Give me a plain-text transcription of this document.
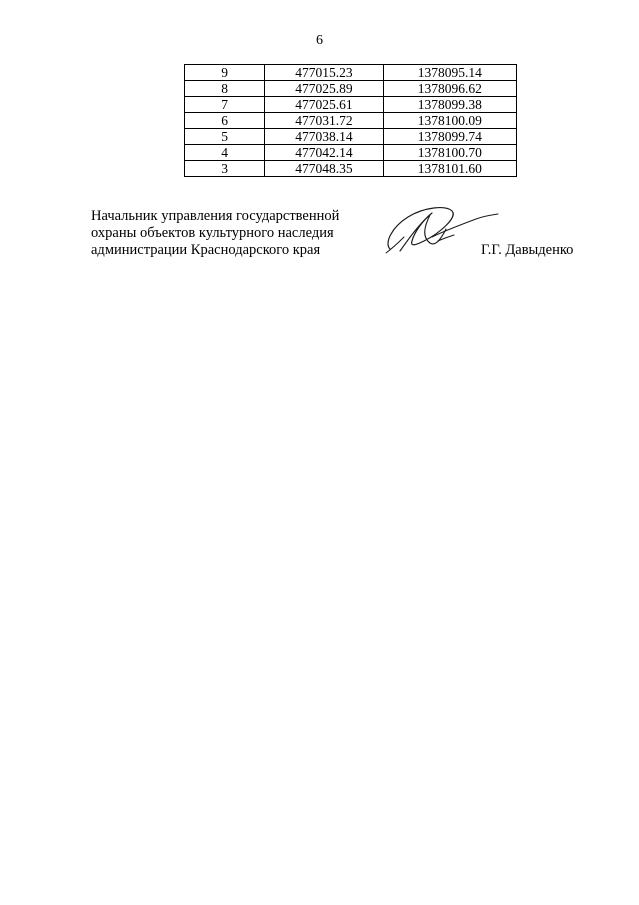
6
9	477015.23	1378095.14
8	477025.89	1378096.62
7	477025.61	1378099.38
6	477031.72	1378100.09
5	477038.14	1378099.74
4	477042.14	1378100.70
3	477048.35	1378101.60
Начальник управления государственной
охраны объектов культурного наследия
администрации Краснодарского края	Г.Г. Давыденко
